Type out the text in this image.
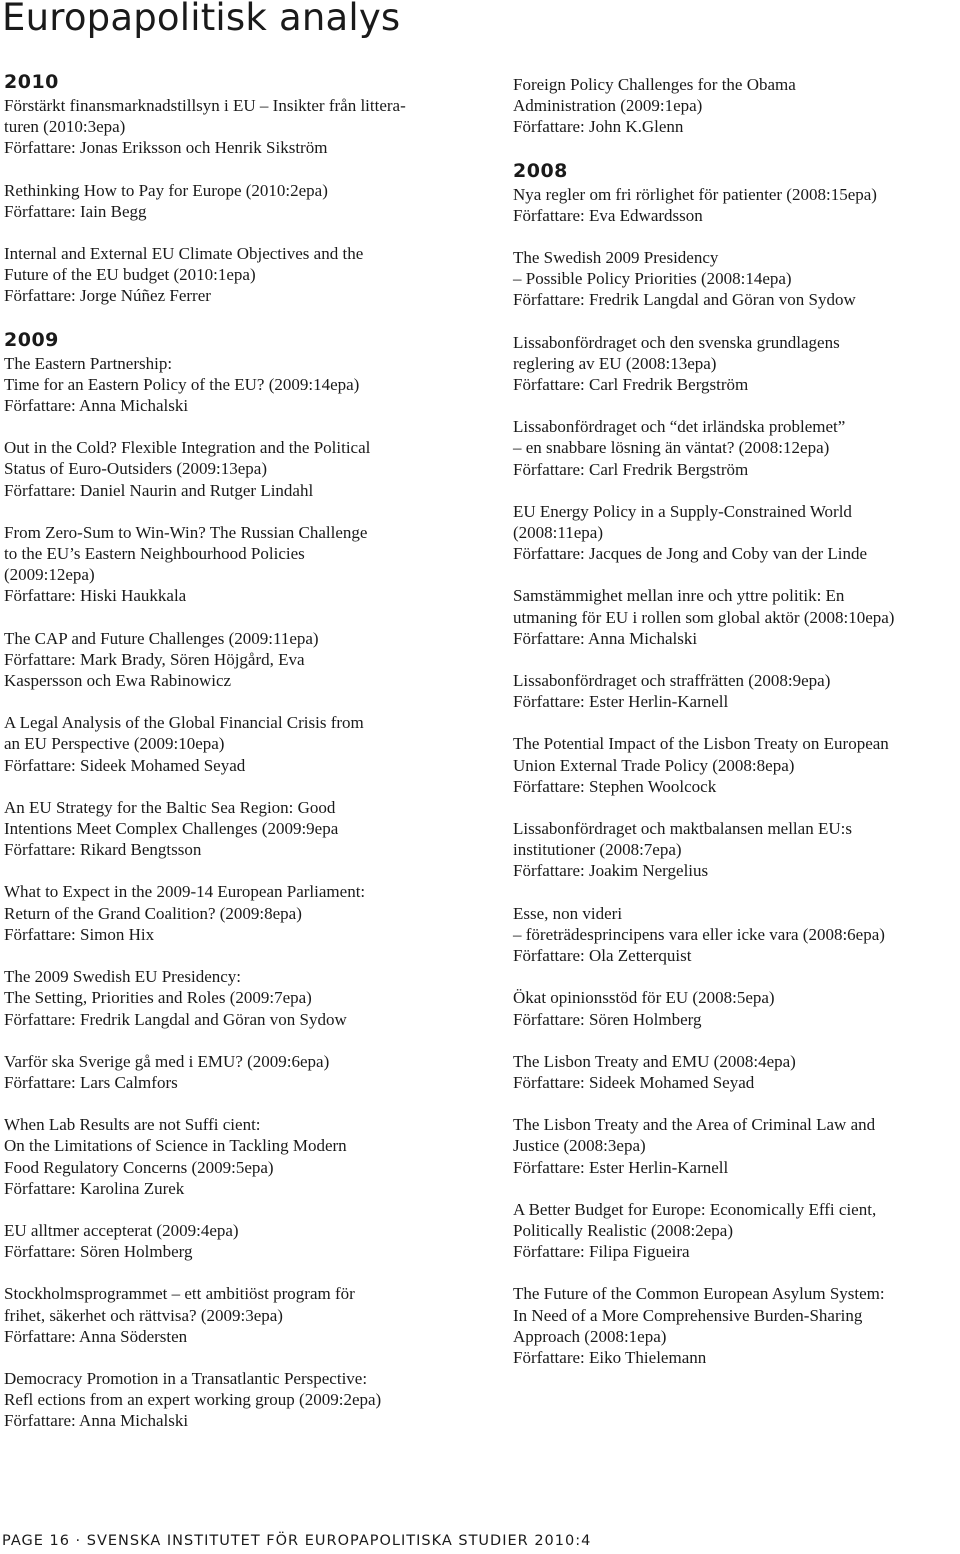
Europapolitisk analys
2010
Förstärkt finansmarknadstillsyn i EU – Insikter från littera-
turen (2010:3epa)
Författare: Jonas Eriksson och Henrik Sikström
Rethinking How to Pay for Europe (2010:2epa)
Författare: Iain Begg
Internal and External EU Climate Objectives and the
Future of the EU budget (2010:1epa)
Författare: Jorge Núñez Ferrer
2009
The Eastern Partnership:
Time for an Eastern Policy of the EU? (2009:14epa)
Författare: Anna Michalski
Out in the Cold? Flexible Integration and the Political
Status of Euro-Outsiders (2009:13epa)
Författare: Daniel Naurin and Rutger Lindahl
From Zero-Sum to Win-Win? The Russian Challenge
to the EU’s Eastern Neighbourhood Policies
(2009:12epa)
Författare: Hiski Haukkala
The CAP and Future Challenges (2009:11epa)
Författare: Mark Brady, Sören Höjgård, Eva
Kaspersson och Ewa Rabinowicz
A Legal Analysis of the Global Financial Crisis from
an EU Perspective (2009:10epa)
Författare: Sideek Mohamed Seyad
An EU Strategy for the Baltic Sea Region: Good
Intentions Meet Complex Challenges (2009:9epa
Författare: Rikard Bengtsson
What to Expect in the 2009-14 European Parliament:
Return of the Grand Coalition? (2009:8epa)
Författare: Simon Hix
The 2009 Swedish EU Presidency:
The Setting, Priorities and Roles (2009:7epa)
Författare: Fredrik Langdal and Göran von Sydow
Varför ska Sverige gå med i EMU? (2009:6epa)
Författare: Lars Calmfors
When Lab Results are not Suffi cient:
On the Limitations of Science in Tackling Modern
Food Regulatory Concerns (2009:5epa)
Författare: Karolina Zurek
EU alltmer accepterat (2009:4epa)
Författare: Sören Holmberg
Stockholmsprogrammet – ett ambitiöst program för
frihet, säkerhet och rättvisa? (2009:3epa)
Författare: Anna Södersten
Democracy Promotion in a Transatlantic Perspective:
Refl ections from an expert working group (2009:2epa)
Författare: Anna Michalski
Foreign Policy Challenges for the Obama
Administration (2009:1epa)
Författare: John K.Glenn
2008
Nya regler om fri rörlighet för patienter (2008:15epa)
Författare: Eva Edwardsson
The Swedish 2009 Presidency
– Possible Policy Priorities (2008:14epa)
Författare: Fredrik Langdal and Göran von Sydow
Lissabonfördraget och den svenska grundlagens
reglering av EU (2008:13epa)
Författare: Carl Fredrik Bergström
Lissabonfördraget och “det irländska problemet”
– en snabbare lösning än väntat? (2008:12epa)
Författare: Carl Fredrik Bergström
EU Energy Policy in a Supply-Constrained World
(2008:11epa)
Författare: Jacques de Jong and Coby van der Linde
Samstämmighet mellan inre och yttre politik: En
utmaning för EU i rollen som global aktör (2008:10epa)
Författare: Anna Michalski
Lissabonfördraget och straffrätten (2008:9epa)
Författare: Ester Herlin-Karnell
The Potential Impact of the Lisbon Treaty on European
Union External Trade Policy (2008:8epa)
Författare: Stephen Woolcock
Lissabonfördraget och maktbalansen mellan EU:s
institutioner (2008:7epa)
Författare: Joakim Nergelius
Esse, non videri
– företrädesprincipens vara eller icke vara (2008:6epa)
Författare: Ola Zetterquist
Ökat opinionsstöd för EU (2008:5epa)
Författare: Sören Holmberg
The Lisbon Treaty and EMU (2008:4epa)
Författare: Sideek Mohamed Seyad
The Lisbon Treaty and the Area of Criminal Law and
Justice (2008:3epa)
Författare: Ester Herlin-Karnell
A Better Budget for Europe: Economically Effi cient,
Politically Realistic (2008:2epa)
Författare: Filipa Figueira
The Future of the Common European Asylum System:
In Need of a More Comprehensive Burden-Sharing
Approach (2008:1epa)
Författare: Eiko Thielemann
PAGE 16 · SVENSKA INSTITUTET FÖR EUROPAPOLITISKA STUDIER 2010:4
